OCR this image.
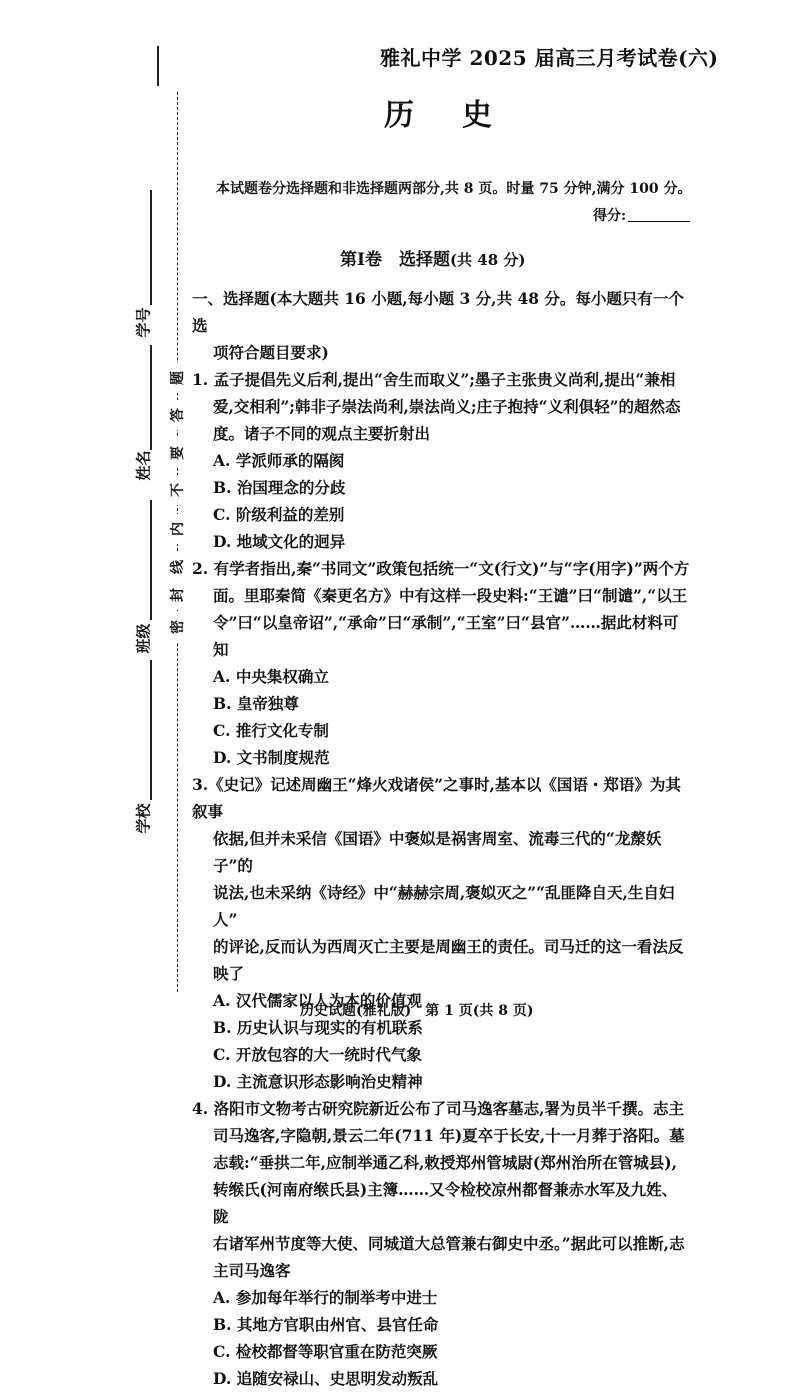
学号
姓名
班级
学校
密
封
线
内
不
要
答
题
雅礼中学 2025 届高三月考试卷(六)
历史
本试题卷分选择题和非选择题两部分,共 8 页。时量 75 分钟,满分 100 分。
得分:
第Ⅰ卷　选择题(共 48 分)

一、选择题(本大题共 16 小题,每小题 3 分,共 48 分。每小题只有一个选

项符合题目要求)

1. 孟子提倡先义后利,提出“舍生而取义”;墨子主张贵义尚利,提出“兼相

爱,交相利”;韩非子崇法尚利,崇法尚义;庄子抱持“义利俱轻”的超然态

度。诸子不同的观点主要折射出

A. 学派师承的隔阂
B. 治国理念的分歧
C. 阶级利益的差别
D. 地域文化的迥异

2. 有学者指出,秦“书同文”政策包括统一“文(行文)”与“字(用字)”两个方

面。里耶秦简《秦更名方》中有这样一段史料:“王谴”曰“制谴”,“以王

令”曰“以皇帝诏”,“承命”曰“承制”,“王室”曰“县官”……据此材料可知

A. 中央集权确立
B. 皇帝独尊
C. 推行文化专制
D. 文书制度规范

3.《史记》记述周幽王“烽火戏诸侯”之事时,基本以《国语・郑语》为其叙事

依据,但并未采信《国语》中褒姒是祸害周室、流毒三代的“龙漦妖子”的

说法,也未采纳《诗经》中“赫赫宗周,褒姒灭之”“乱匪降自天,生自妇人”

的评论,反而认为西周灭亡主要是周幽王的责任。司马迁的这一看法反

映了

A. 汉代儒家以人为本的价值观
B. 历史认识与现实的有机联系
C. 开放包容的大一统时代气象
D. 主流意识形态影响治史精神

4. 洛阳市文物考古研究院新近公布了司马逸客墓志,署为员半千撰。志主

司马逸客,字隐朝,景云二年(711 年)夏卒于长安,十一月葬于洛阳。墓

志载:“垂拱二年,应制举通乙科,敕授郑州管城尉(郑州治所在管城县),

转缑氏(河南府缑氏县)主簿……又令检校凉州都督兼赤水军及九姓、陇

右诸军州节度等大使、同城道大总管兼右御史中丞。”据此可以推断,志

主司马逸客

A. 参加每年举行的制举考中进士
B. 其地方官职由州官、县官任命
C. 检校都督等职官重在防范突厥
D. 追随安禄山、史思明发动叛乱
历史试题(雅礼版)　第 1 页(共 8 页)
